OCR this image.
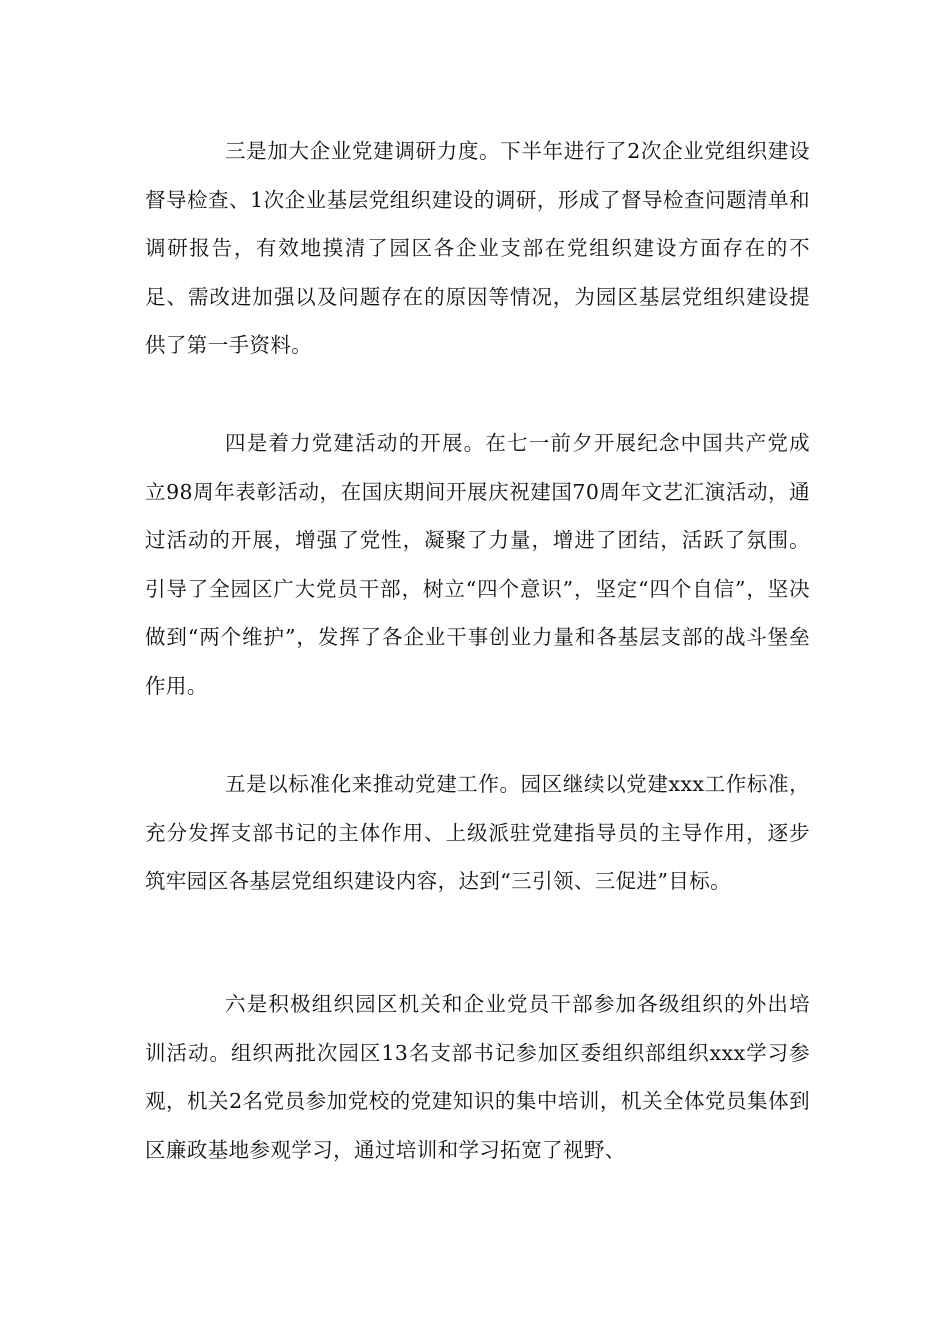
三是加大企业党建调研力度。下半年进行了2次企业党组织建设督导检查、1次企业基层党组织建设的调研，形成了督导检查问题清单和调研报告，有效地摸清了园区各企业支部在党组织建设方面存在的不足、需改进加强以及问题存在的原因等情况，为园区基层党组织建设提供了第一手资料。

四是着力党建活动的开展。在七一前夕开展纪念中国共产党成立98周年表彰活动，在国庆期间开展庆祝建国70周年文艺汇演活动，通过活动的开展，增强了党性，凝聚了力量，增进了团结，活跃了氛围。引导了全园区广大党员干部，树立“四个意识”，坚定“四个自信”，坚决做到“两个维护”，发挥了各企业干事创业力量和各基层支部的战斗堡垒作用。

五是以标准化来推动党建工作。园区继续以党建xxx工作标准，充分发挥支部书记的主体作用、上级派驻党建指导员的主导作用，逐步筑牢园区各基层党组织建设内容，达到“三引领、三促进”目标。

六是积极组织园区机关和企业党员干部参加各级组织的外出培训活动。组织两批次园区13名支部书记参加区委组织部组织xxx学习参观，机关2名党员参加党校的党建知识的集中培训，机关全体党员集体到区廉政基地参观学习，通过培训和学习拓宽了视野、
